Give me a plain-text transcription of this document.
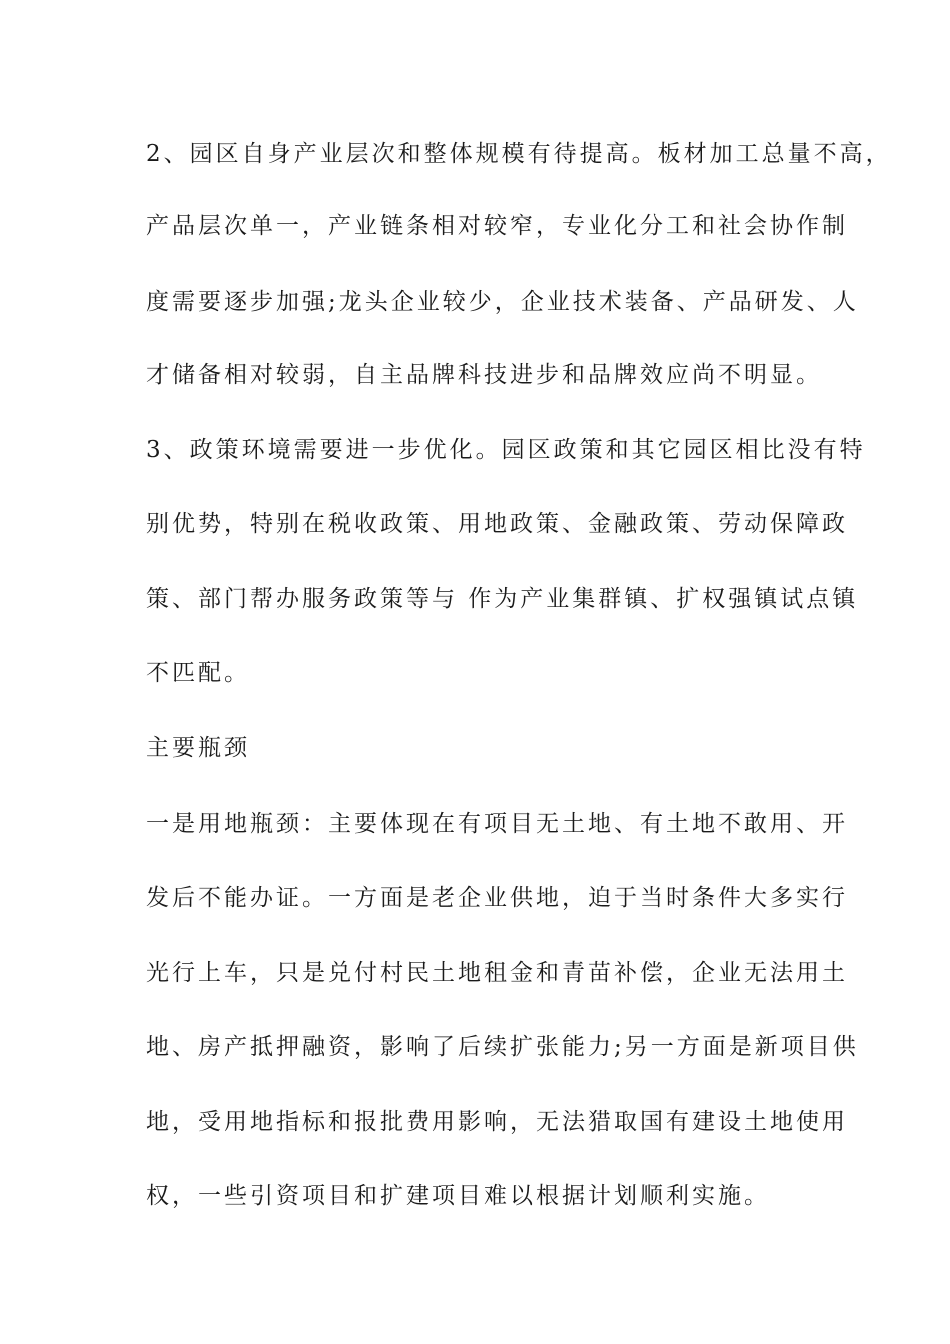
2、园区自身产业层次和整体规模有待提高。板材加工总量不高，
产品层次单一，产业链条相对较窄，专业化分工和社会协作制
度需要逐步加强;龙头企业较少，企业技术装备、产品研发、人
才储备相对较弱，自主品牌科技进步和品牌效应尚不明显。
3、政策环境需要进一步优化。园区政策和其它园区相比没有特
别优势，特别在税收政策、用地政策、金融政策、劳动保障政
策、部门帮办服务政策等与 作为产业集群镇、扩权强镇试点镇
不匹配。
主要瓶颈
一是用地瓶颈：主要体现在有项目无土地、有土地不敢用、开
发后不能办证。一方面是老企业供地，迫于当时条件大多实行
光行上车，只是兑付村民土地租金和青苗补偿，企业无法用土
地、房产抵押融资，影响了后续扩张能力;另一方面是新项目供
地，受用地指标和报批费用影响，无法猎取国有建设土地使用
权，一些引资项目和扩建项目难以根据计划顺利实施。
